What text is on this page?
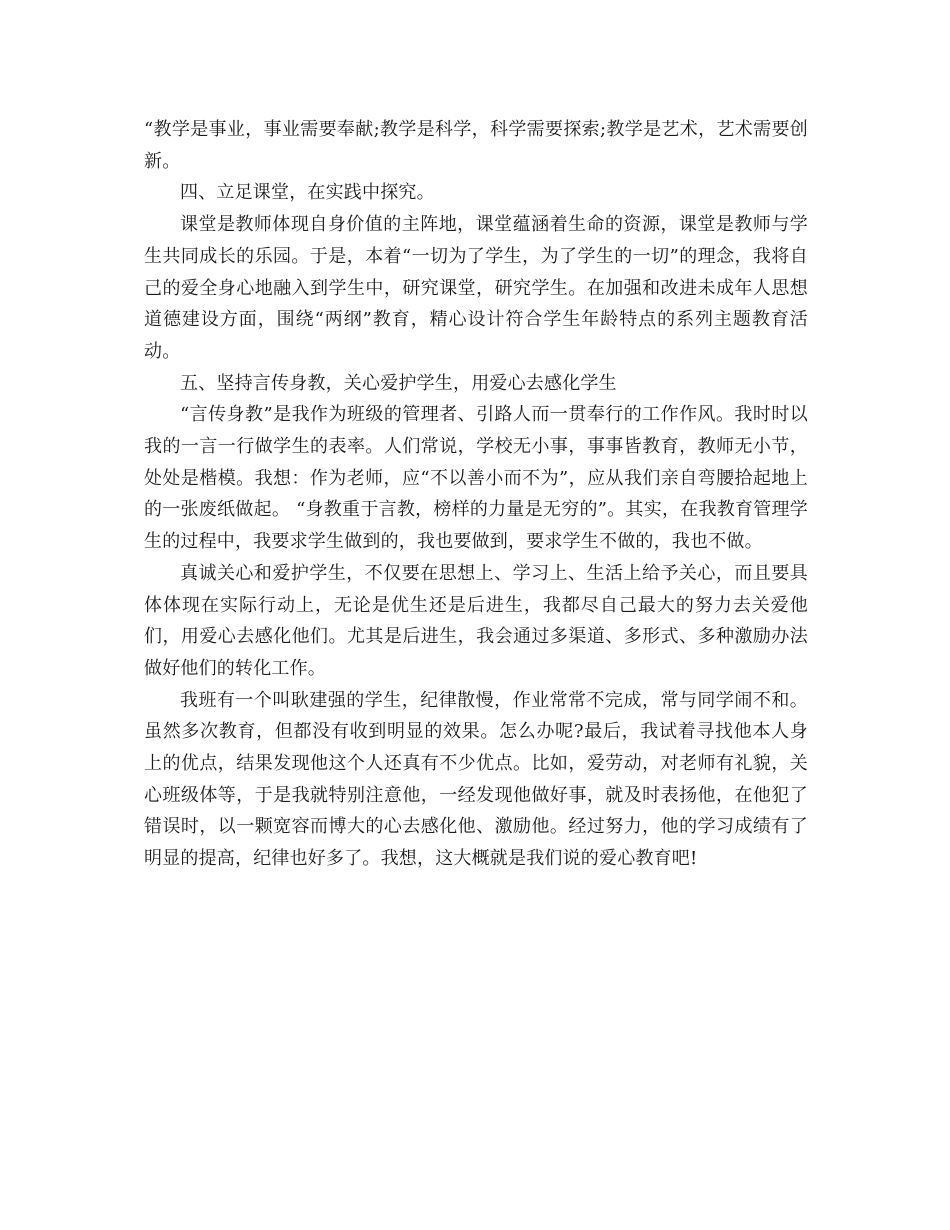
“教学是事业，事业需要奉献;教学是科学，科学需要探索;教学是艺术，艺术需要创新。

四、立足课堂，在实践中探究。

课堂是教师体现自身价值的主阵地，课堂蕴涵着生命的资源，课堂是教师与学生共同成长的乐园。于是，本着“一切为了学生，为了学生的一切”的理念，我将自己的爱全身心地融入到学生中，研究课堂，研究学生。在加强和改进未成年人思想道德建设方面，围绕“两纲”教育，精心设计符合学生年龄特点的系列主题教育活动。

五、坚持言传身教，关心爱护学生，用爱心去感化学生

“言传身教”是我作为班级的管理者、引路人而一贯奉行的工作作风。我时时以我的一言一行做学生的表率。人们常说，学校无小事，事事皆教育，教师无小节，处处是楷模。我想：作为老师，应“不以善小而不为”，应从我们亲自弯腰拾起地上的一张废纸做起。 “身教重于言教，榜样的力量是无穷的”。其实，在我教育管理学生的过程中，我要求学生做到的，我也要做到，要求学生不做的，我也不做。

真诚关心和爱护学生，不仅要在思想上、学习上、生活上给予关心，而且要具体体现在实际行动上，无论是优生还是后进生，我都尽自己最大的努力去关爱他们，用爱心去感化他们。尤其是后进生，我会通过多渠道、多形式、多种激励办法做好他们的转化工作。

我班有一个叫耿建强的学生，纪律散慢，作业常常不完成，常与同学闹不和。虽然多次教育，但都没有收到明显的效果。怎么办呢?最后，我试着寻找他本人身上的优点，结果发现他这个人还真有不少优点。比如，爱劳动，对老师有礼貌，关心班级体等，于是我就特别注意他，一经发现他做好事，就及时表扬他，在他犯了错误时，以一颗宽容而博大的心去感化他、激励他。经过努力，他的学习成绩有了明显的提高，纪律也好多了。我想，这大概就是我们说的爱心教育吧!
